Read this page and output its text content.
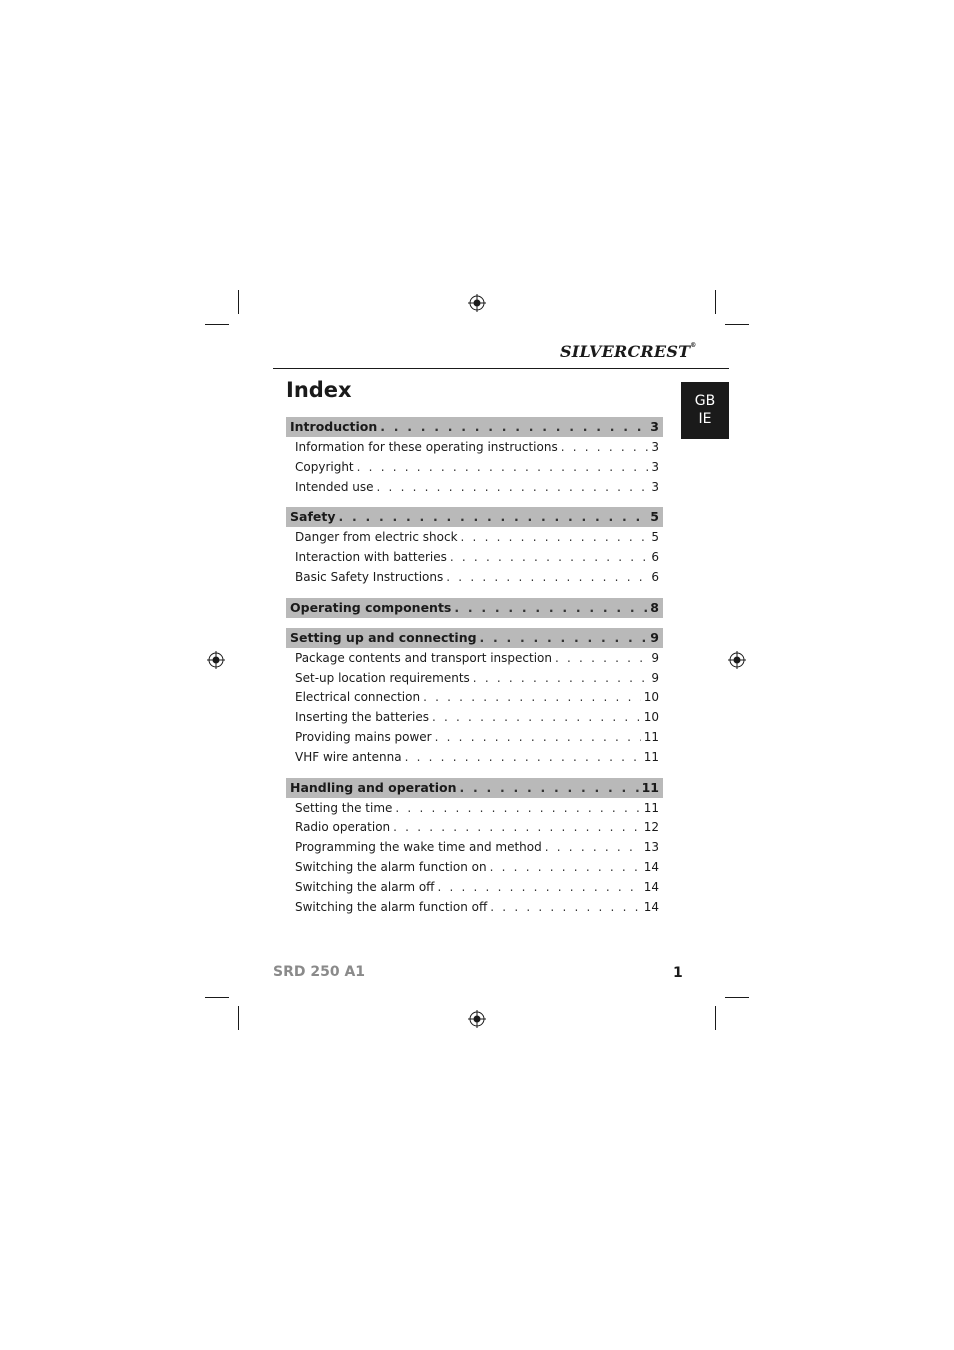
SILVERCREST®
Index	GB
IE
Introduction . . .	3
Information for these operating instructions . . .	3
Copyright . . .	3
Intended use . . .	3
Safety . . .	5
Danger from electric shock . . .	5
Interaction with batteries . . .	6
Basic Safety Instructions . . .	6
Operating components . . .	8
Setting up and connecting . . .	9
Package contents and transport inspection . . .	9
Set-up location requirements . . .	9
Electrical connection . . .	10
Inserting the batteries . . .	10
Providing mains power . . .	11
VHF wire antenna . . .	11
Handling and operation . . .	11
Setting the time . . .	11
Radio operation . . .	12
Programming the wake time and method . . .	13
Switching the alarm function on . . .	14
Switching the alarm off . . .	14
Switching the alarm function off . . .	14
SRD 250 A1	1
